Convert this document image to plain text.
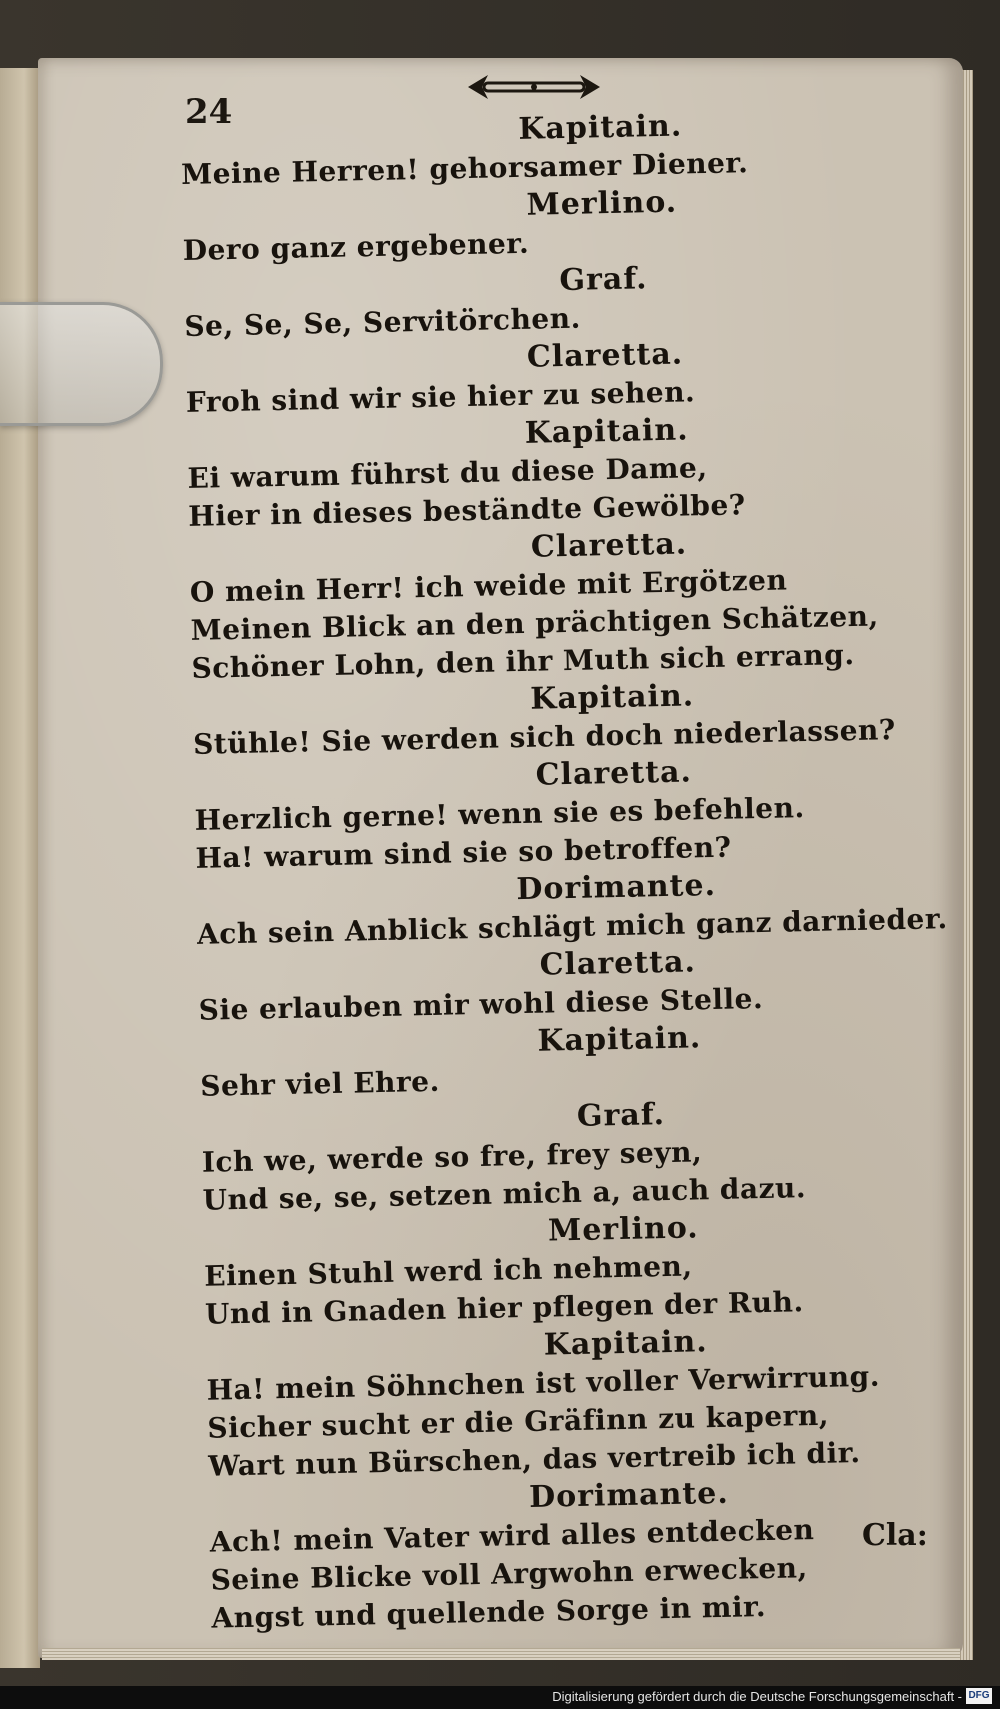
24	Kapitain.
Meine Herren! gehorsamer Diener.
Merlino.
Dero ganz ergebener.
Graf.
Se, Se, Se, Servitörchen.
Claretta.
Froh sind wir sie hier zu sehen.
Kapitain.
Ei warum führst du diese Dame,
Hier in dieses beständte Gewölbe?
Claretta.
O mein Herr! ich weide mit Ergötzen
Meinen Blick an den prächtigen Schätzen,
Schöner Lohn, den ihr Muth sich errang.
Kapitain.
Stühle! Sie werden sich doch niederlassen?
Claretta.
Herzlich gerne! wenn sie es befehlen.
Ha! warum sind sie so betroffen?
Dorimante.
Ach sein Anblick schlägt mich ganz darnieder.
Claretta.
Sie erlauben mir wohl diese Stelle.
Kapitain.
Sehr viel Ehre.
Graf.
Ich we, werde so fre, frey seyn,
Und se, se, setzen mich a, auch dazu.
Merlino.
Einen Stuhl werd ich nehmen,
Und in Gnaden hier pflegen der Ruh.
Kapitain.
Ha! mein Söhnchen ist voller Verwirrung.
Sicher sucht er die Gräfinn zu kapern,
Wart nun Bürschen, das vertreib ich dir.
Dorimante.
Ach! mein Vater wird alles entdecken
Seine Blicke voll Argwohn erwecken,
Angst und quellende Sorge in mir.
Cla:
Digitalisierung gefördert durch die Deutsche Forschungsgemeinschaft - DFG
